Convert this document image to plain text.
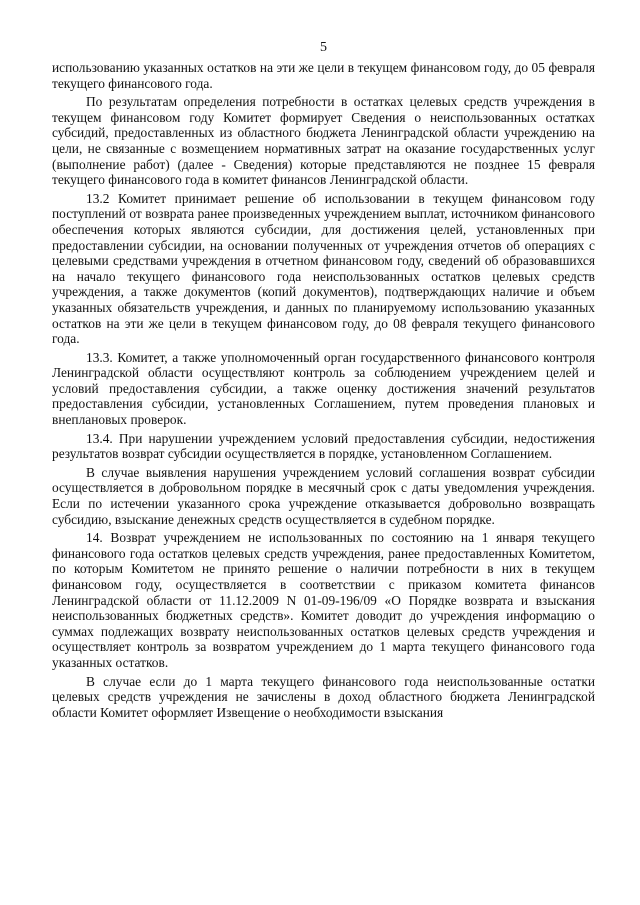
5

использованию указанных остатков на эти же цели в текущем финансовом году, до 05 февраля текущего финансового года.

По результатам определения потребности в остатках целевых средств учреждения в текущем финансовом году Комитет формирует Сведения о неиспользованных остатках субсидий, предоставленных из областного бюджета Ленинградской области учреждению на цели, не связанные с возмещением нормативных затрат на оказание государственных услуг (выполнение работ) (далее - Сведения) которые представляются не позднее 15 февраля текущего финансового года в комитет финансов Ленинградской области.

13.2 Комитет принимает решение об использовании в текущем финансовом году поступлений от возврата ранее произведенных учреждением выплат, источником финансового обеспечения которых являются субсидии, для достижения целей, установленных при предоставлении субсидии, на основании полученных от учреждения отчетов об операциях с целевыми средствами учреждения в отчетном финансовом году, сведений об образовавшихся на начало текущего финансового года неиспользованных остатков целевых средств учреждения, а также документов (копий документов), подтверждающих наличие и объем указанных обязательств учреждения, и данных по планируемому использованию указанных остатков на эти же цели в текущем финансовом году, до 08 февраля текущего финансового года.

13.3. Комитет, а также уполномоченный орган государственного финансового контроля Ленинградской области осуществляют контроль за соблюдением учреждением целей и условий предоставления субсидии, а также оценку достижения значений результатов предоставления субсидии, установленных Соглашением, путем проведения плановых и внеплановых проверок.

13.4. При нарушении учреждением условий предоставления субсидии, недостижения результатов возврат субсидии осуществляется в порядке, установленном Соглашением.

В случае выявления нарушения учреждением условий соглашения возврат субсидии осуществляется в добровольном порядке в месячный срок с даты уведомления учреждения. Если по истечении указанного срока учреждение отказывается добровольно возвращать субсидию, взыскание денежных средств осуществляется в судебном порядке.

14. Возврат учреждением не использованных по состоянию на 1 января текущего финансового года остатков целевых средств учреждения, ранее предоставленных Комитетом, по которым Комитетом не принято решение о наличии потребности в них в текущем финансовом году, осуществляется в соответствии с приказом комитета финансов Ленинградской области от 11.12.2009 N 01-09-196/09 «О Порядке возврата и взыскания неиспользованных бюджетных средств». Комитет доводит до учреждения информацию о суммах подлежащих возврату неиспользованных остатков целевых средств учреждения и осуществляет контроль за возвратом учреждением до 1 марта текущего финансового года указанных остатков.

В случае если до 1 марта текущего финансового года неиспользованные остатки целевых средств учреждения не зачислены в доход областного бюджета Ленинградской области Комитет оформляет Извещение о необходимости взыскания
